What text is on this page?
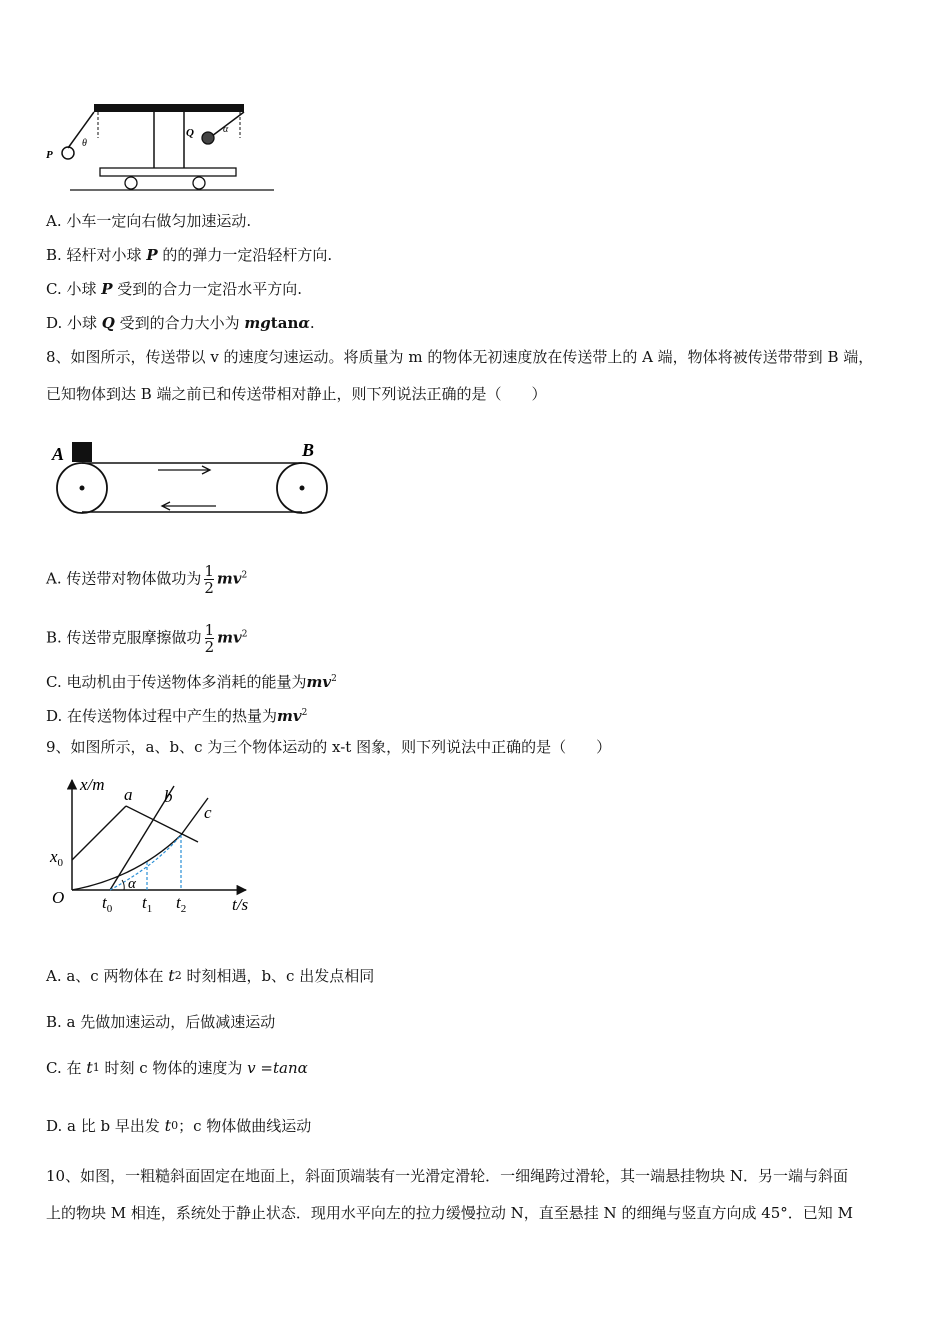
P
θ
Q	α
A. 小车一定向右做匀加速运动.
B. 轻杆对小球 P 的的弹力一定沿轻杆方向.
C. 小球 P 受到的合力一定沿水平方向.
D. 小球 Q 受到的合力大小为 mgtanα.
8、如图所示，传送带以 v 的速度匀速运动。将质量为 m 的物体无初速度放在传送带上的 A 端，物体将被传送带带到 B 端，
已知物体到达 B 端之前已和传送带相对静止，则下列说法正确的是（　　）
A	B
A. 传送带对物体做功为 $\frac{1}{2} mv^2$
B. 传送带克服摩擦做功 $\frac{1}{2} mv^2$
C. 电动机由于传送物体多消耗的能量为$mv^2$
D. 在传送物体过程中产生的热量为$mv^2$
9、如图所示，a、b、c 为三个物体运动的 x-t 图象，则下列说法中正确的是（　　）
x/m
t/s
O
$x_0$
a b
c
α
$t_0$ $t_1$ $t_2$
A. a、c 两物体在 $t^2$ 时刻相遇，b、c 出发点相同
B. a 先做加速运动，后做减速运动
C. 在 $t^1$ 时刻 c 物体的速度为 v =tanα
D. a 比 b 早出发 $t^0$；c 物体做曲线运动
10、如图，一粗糙斜面固定在地面上，斜面顶端装有一光滑定滑轮．一细绳跨过滑轮，其一端悬挂物块 N．另一端与斜面
上的物块 M 相连，系统处于静止状态．现用水平向左的拉力缓慢拉动 N，直至悬挂 N 的细绳与竖直方向成 45°．已知 M
